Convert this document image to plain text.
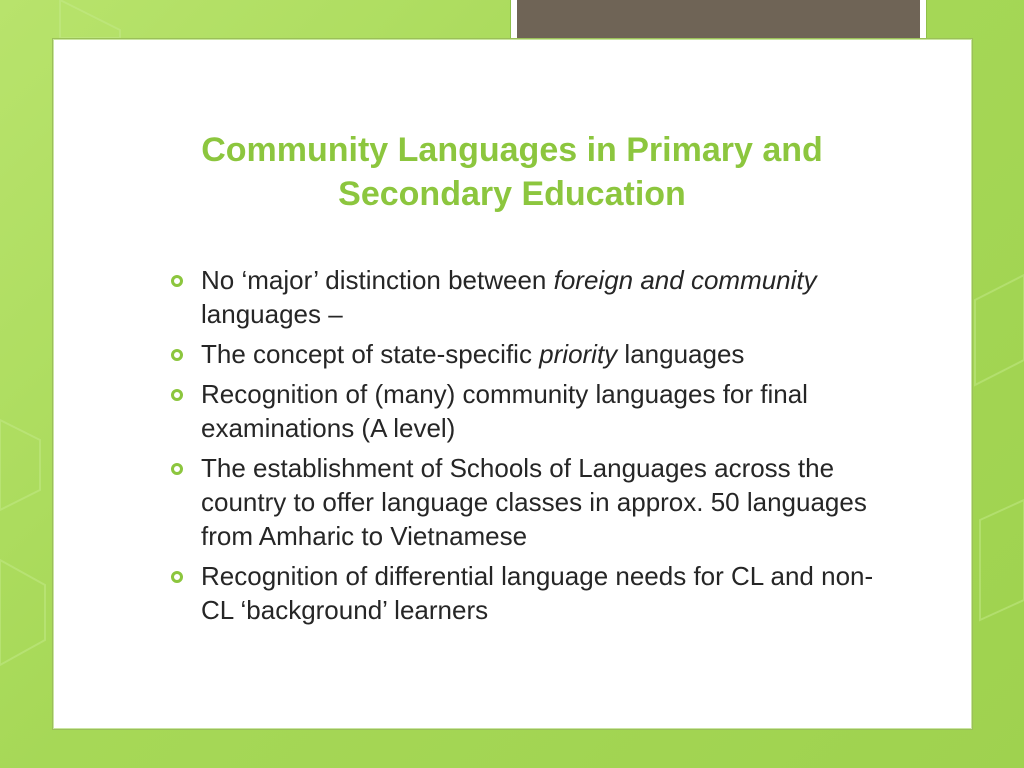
Community Languages in Primary and
Secondary Education
No ‘major’ distinction between foreign and community languages –
The concept of state-specific priority languages
Recognition of (many) community languages for final examinations (A level)
The establishment of Schools of Languages across the country to offer language classes in approx. 50 languages from Amharic to Vietnamese
Recognition of differential language needs for CL and non-CL ‘background’ learners
